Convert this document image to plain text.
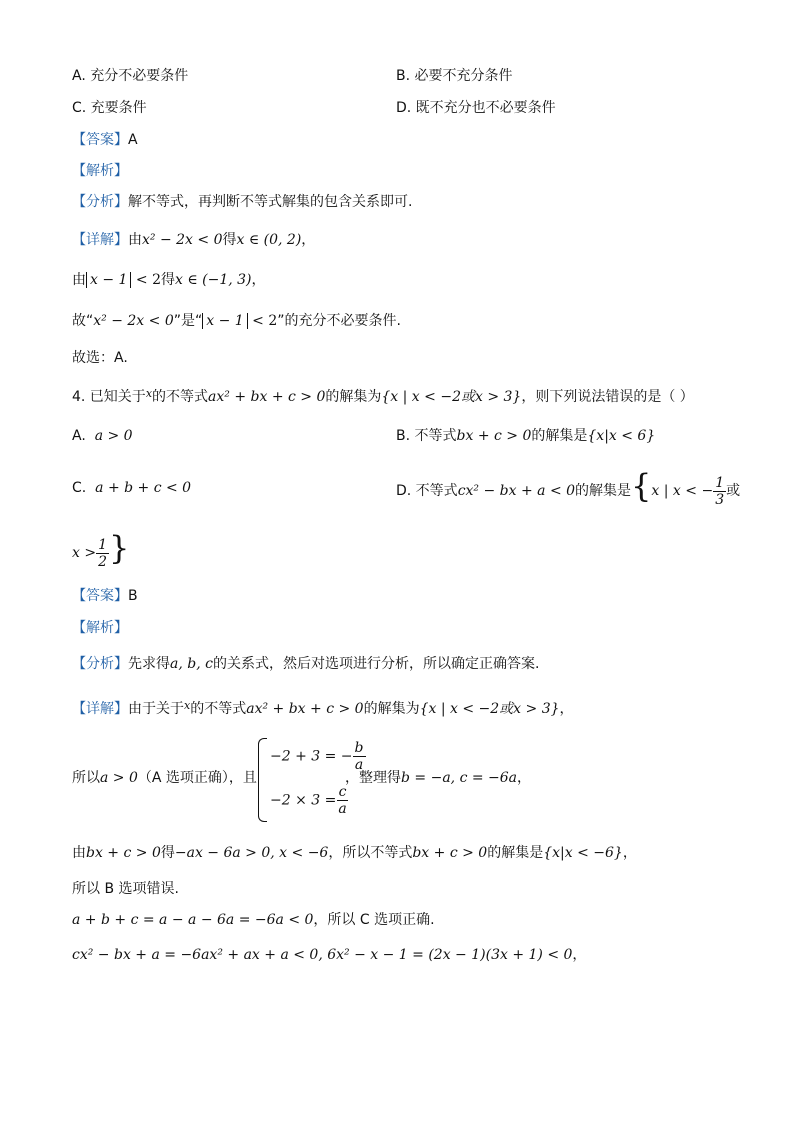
A. 充分不必要条件	B. 必要不充分条件
C. 充要条件	D. 既不充分也不必要条件
【答案】A
【解析】
【分析】解不等式，再判断不等式解集的包含关系即可.
【详解】由x² − 2x < 0得x ∈ (0, 2)，
由 x − 1 < 2得x ∈ (−1, 3)，
故“x² − 2x < 0”是“ x − 1 < 2”的充分不必要条件.
故选：A.
4. 已知关于$^x$的不等式ax² + bx + c > 0的解集为{x | x < −2或x > 3}，则下列说法错误的是（ ）
A. a > 0	B. 不等式bx + c > 0的解集是{x|x < 6}
C. a + b + c < 0	D. 不等式cx² − bx + a < 0的解集是{x | x < − $\frac{1}{3}$ 或
$x > \frac{1}{2}$ }
【答案】B
【解析】
【分析】先求得a, b, c的关系式，然后对选项进行分析，所以确定正确答案.
【详解】由于关于$^x$的不等式ax² + bx + c > 0的解集为{x | x < −2或x > 3}，
所以a > 0（A 选项正确），且
−2 + 3 = − $\frac{b}{a}$
$-2 \times 3 = \frac{c}{a}$
，整理得b = −a, c = −6a，
由bx + c > 0得−ax − 6a > 0, x < −6，所以不等式bx + c > 0的解集是{x|x < −6}，
所以 B 选项错误.
a + b + c = a − a − 6a = −6a < 0，所以 C 选项正确.
cx² − bx + a = −6ax² + ax + a < 0, 6x² − x − 1 = (2x − 1)(3x + 1) < 0，
